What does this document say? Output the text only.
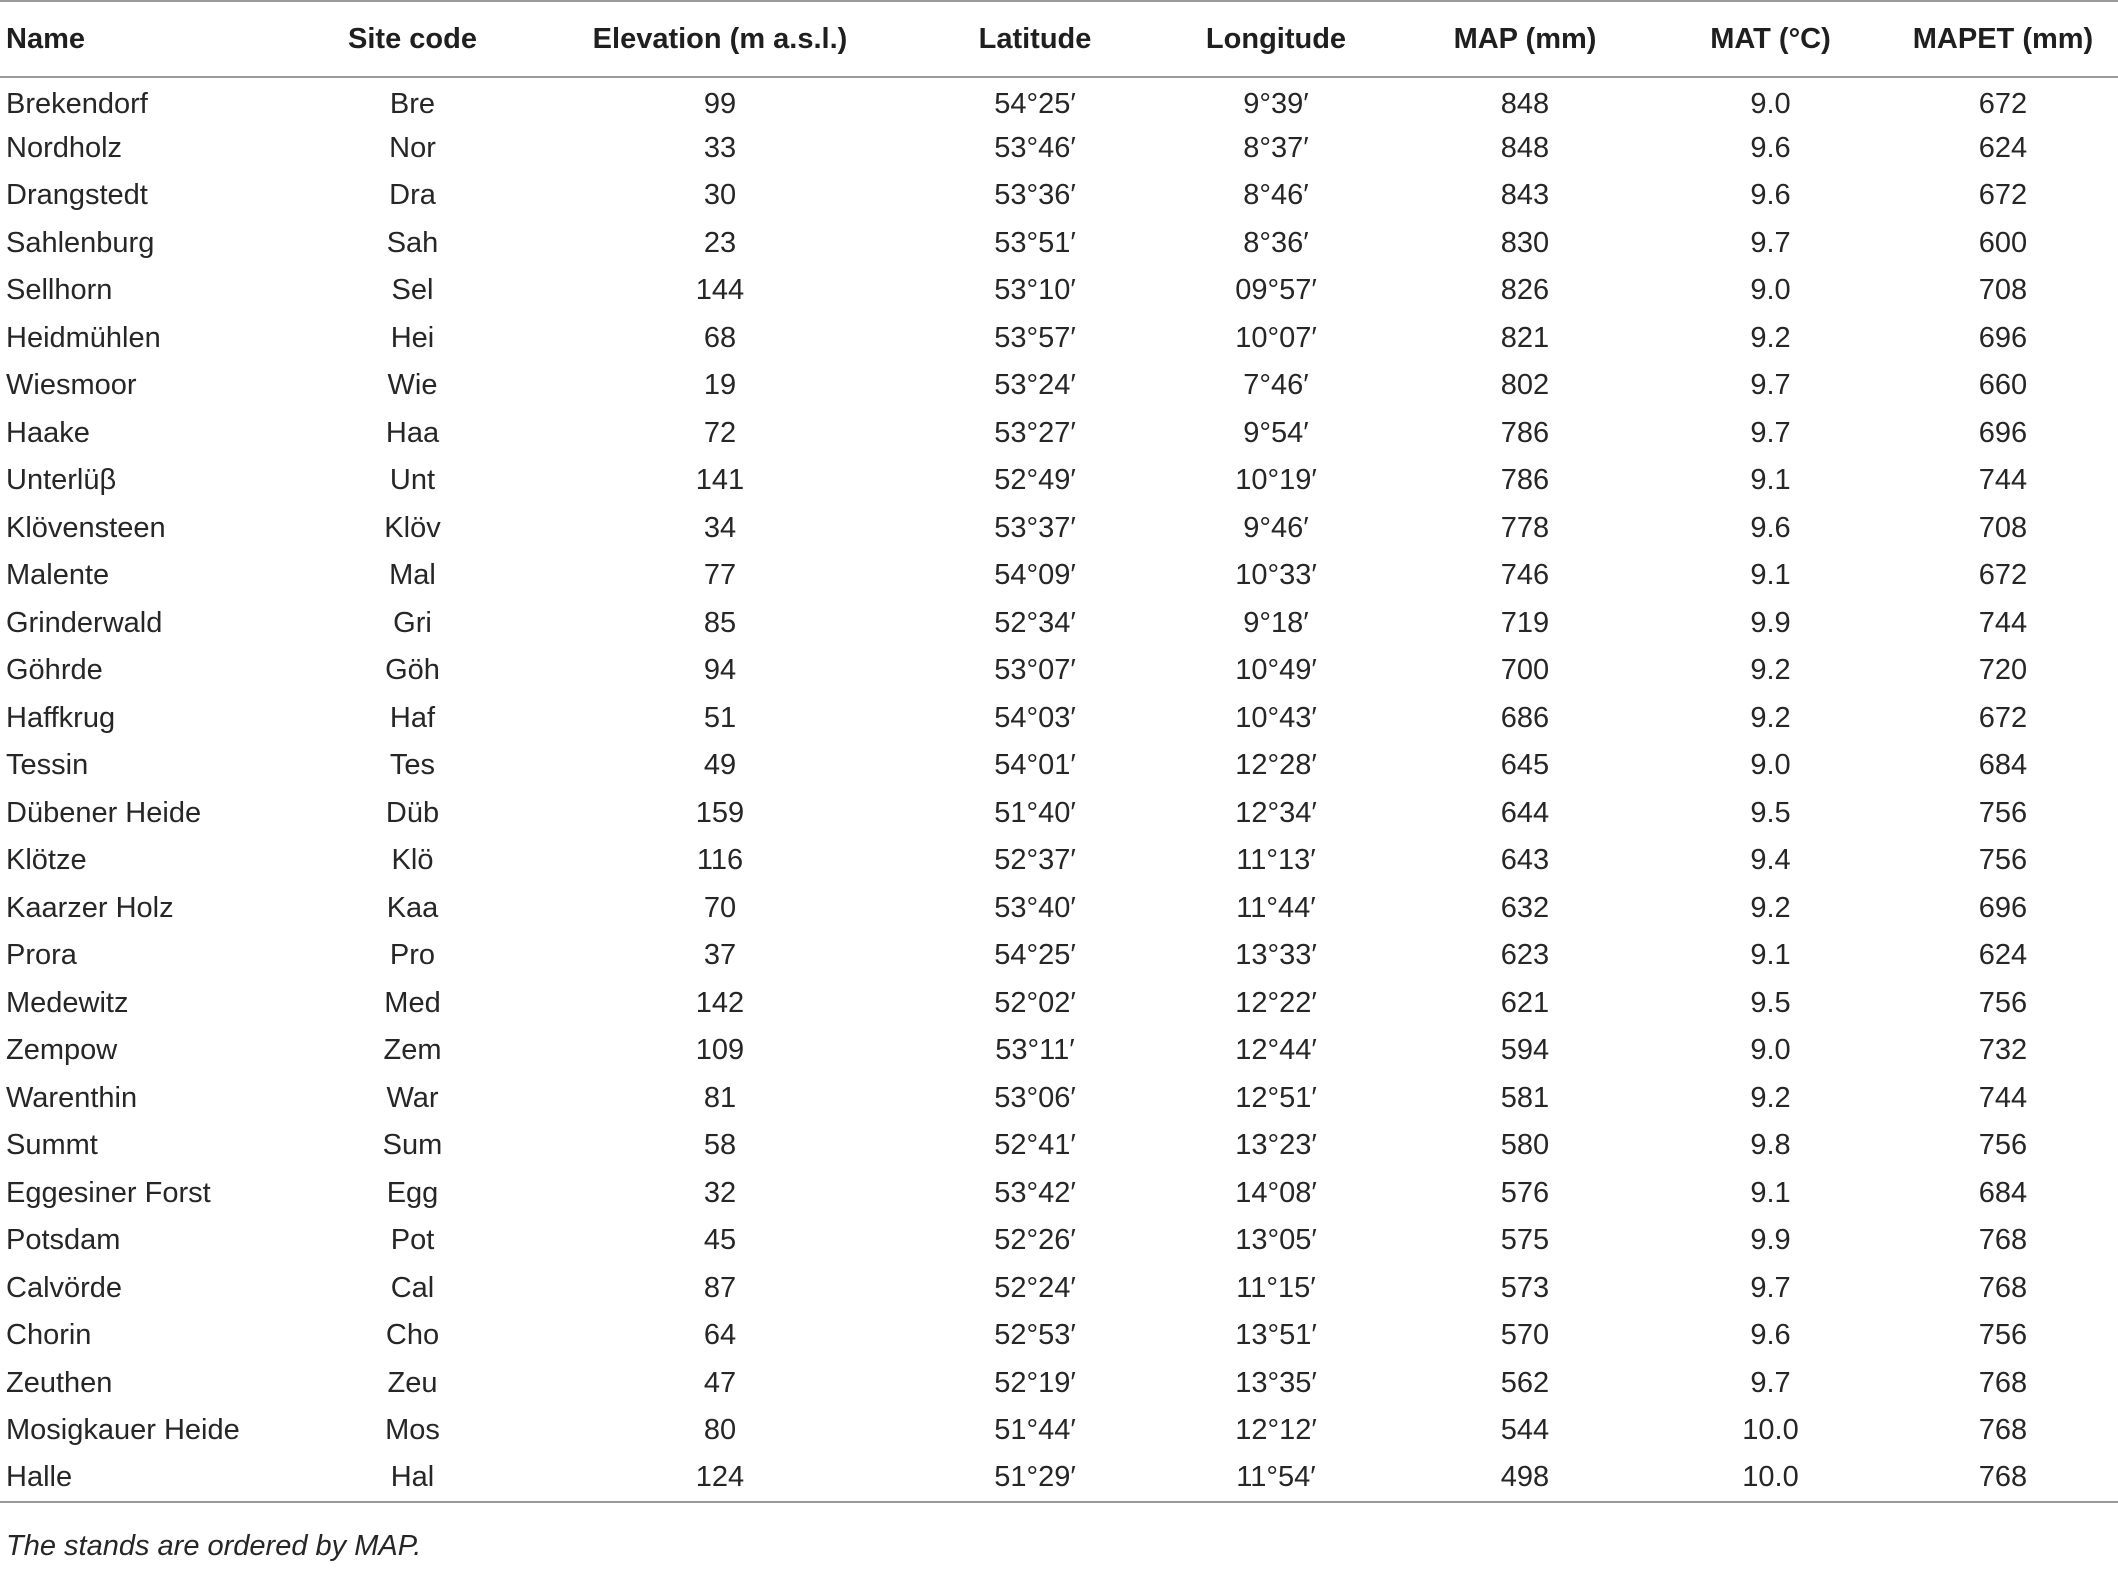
Name	Site code	Elevation (m a.s.l.)	Latitude	Longitude	MAP (mm)	MAT (°C)	MAPET (mm)
Brekendorf	Bre	99	54°25′	9°39′	848	9.0	672
Nordholz	Nor	33	53°46′	8°37′	848	9.6	624
Drangstedt	Dra	30	53°36′	8°46′	843	9.6	672
Sahlenburg	Sah	23	53°51′	8°36′	830	9.7	600
Sellhorn	Sel	144	53°10′	09°57′	826	9.0	708
Heidmühlen	Hei	68	53°57′	10°07′	821	9.2	696
Wiesmoor	Wie	19	53°24′	7°46′	802	9.7	660
Haake	Haa	72	53°27′	9°54′	786	9.7	696
Unterlüβ	Unt	141	52°49′	10°19′	786	9.1	744
Klövensteen	Klöv	34	53°37′	9°46′	778	9.6	708
Malente	Mal	77	54°09′	10°33′	746	9.1	672
Grinderwald	Gri	85	52°34′	9°18′	719	9.9	744
Göhrde	Göh	94	53°07′	10°49′	700	9.2	720
Haffkrug	Haf	51	54°03′	10°43′	686	9.2	672
Tessin	Tes	49	54°01′	12°28′	645	9.0	684
Dübener Heide	Düb	159	51°40′	12°34′	644	9.5	756
Klötze	Klö	116	52°37′	11°13′	643	9.4	756
Kaarzer Holz	Kaa	70	53°40′	11°44′	632	9.2	696
Prora	Pro	37	54°25′	13°33′	623	9.1	624
Medewitz	Med	142	52°02′	12°22′	621	9.5	756
Zempow	Zem	109	53°11′	12°44′	594	9.0	732
Warenthin	War	81	53°06′	12°51′	581	9.2	744
Summt	Sum	58	52°41′	13°23′	580	9.8	756
Eggesiner Forst	Egg	32	53°42′	14°08′	576	9.1	684
Potsdam	Pot	45	52°26′	13°05′	575	9.9	768
Calvörde	Cal	87	52°24′	11°15′	573	9.7	768
Chorin	Cho	64	52°53′	13°51′	570	9.6	756
Zeuthen	Zeu	47	52°19′	13°35′	562	9.7	768
Mosigkauer Heide	Mos	80	51°44′	12°12′	544	10.0	768
Halle	Hal	124	51°29′	11°54′	498	10.0	768

The stands are ordered by MAP.
